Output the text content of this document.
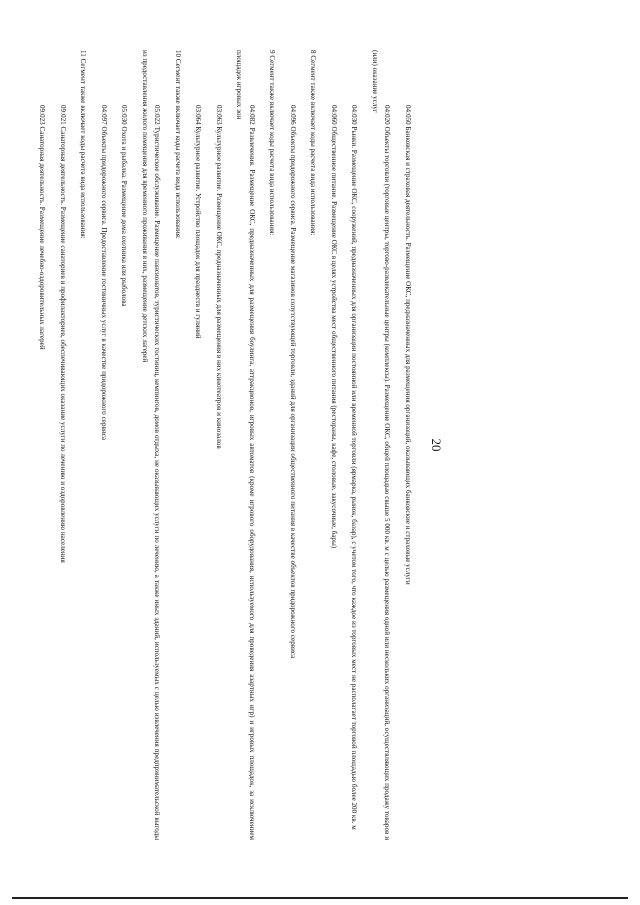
20

04:050 Банковская и страховая деятельность. Размещение ОКС, предназначенных для размещения организаций, оказывающих банковские и страховые услуги

04:020 Объекты торговли (торговые центры, торгово-развлекательные центры (комплексы). Размещение ОКС, общей площадью свыше 5 000 кв. м с целью размещения одной или нескольких организаций, осуществляющих продажу товаров и (или) оказание услуг

04:030 Рынки. Размещение ОКС, сооружений, предназначенных для организации постоянной или временной торговли (ярмарка, рынок, базар), с учетом того, что каждое из торговых мест не располагает торговой площадью более 200 кв. м

04:060 Общественное питание. Размещение ОКС в целях устройства мест общественного питания (рестораны, кафе, столовые, закусочные, бары)

8 Сегмент также включает коды расчета вида использования:

04:096 Объекты придорожного сервиса. Размещение магазинов сопутствующей торговли, зданий для организации общественного питания в качестве объектов придорожного сервиса

9 Сегмент также включает коды расчета вида использования:

04:082 Развлечения. Размещение ОКС, предназначенных для размещения боулинга, аттракционов, игровых автоматов (кроме игрового оборудования, используемого для проведения азартных игр) и игровых площадок, за исключением площадок игровых зон

03:063 Культурное развитие. Размещение ОКС, предназначенных для размещения в них кинотеатров и кинозалов

03:064 Культурное развитие. Устройство площадок для празднеств и гуляний

10 Сегмент также включает коды расчета вида использования:

05:022 Туристическое обслуживание. Размещение пансионатов, туристических гостиниц, кемпингов, домов отдыха, не оказывающих услуги по лечению, а также иных зданий, используемых с целью извлечения предпринимательской выгоды из предоставления жилого помещения для временного проживания в них, размещение детских лагерей

05:030 Охота и рыбалка. Размещение дома охотника или рыболова

04:097 Объекты придорожного сервиса. Предоставление гостиничных услуг в качестве придорожного сервиса

11 Сегмент также включает коды расчета вида использования:

09:021 Санаторная деятельность. Размещение санаториев и профилакториев, обеспечивающих оказание услуги по лечению и оздоровлению населения

09:023 Санаторная деятельность. Размещение лечебно-оздоровительных лагерей
